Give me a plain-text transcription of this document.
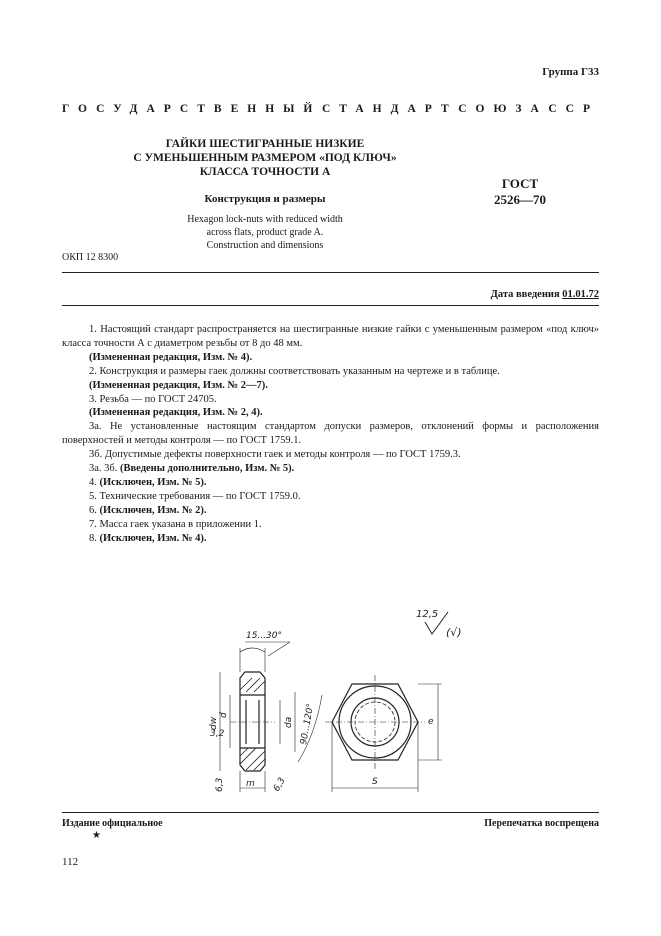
Группа Г33
ГОСУДАРСТВЕННЫЙ СТАНДАРТ СОЮЗА ССР
ГАЙКИ ШЕСТИГРАННЫЕ НИЗКИЕ
С УМЕНЬШЕННЫМ РАЗМЕРОМ «ПОД КЛЮЧ»
КЛАССА ТОЧНОСТИ А
Конструкция и размеры
Hexagon lock-nuts with reduced width
across flats, product grade A.
Construction and dimensions
ГОСТ
2526—70
ОКП 12 8300
Дата введения 01.01.72

1. Настоящий стандарт распространяется на шестигранные низкие гайки с уменьшенным размером «под ключ» класса точности А с диаметром резьбы от 8 до 48 мм.

(Измененная редакция, Изм. № 4).

2. Конструкция и размеры гаек должны соответствовать указанным на чертеже и в таблице.

(Измененная редакция, Изм. № 2—7).

3. Резьба — по ГОСТ 24705.

(Измененная редакция, Изм. № 2, 4).

3а. Не установленные настоящим стандартом допуски размеров, отклонений формы и расположения поверхностей и методы контроля — по ГОСТ 1759.1.

3б. Допустимые дефекты поверхности гаек и методы контроля — по ГОСТ 1759.3.

3а. 3б. (Введены дополнительно, Изм. № 5).

4. (Исключен, Изм. № 5).

5. Технические требования — по ГОСТ 1759.0.

6. (Исключен, Изм. № 2).

7. Масса гаек указана в приложении 1.

8. (Исключен, Изм. № 4).

12,5
(√)
15...30°
dw
d
3,2
6,3 m 6,3
da 90...120°	e
S
Издание официальное
★
Перепечатка воспрещена
112
